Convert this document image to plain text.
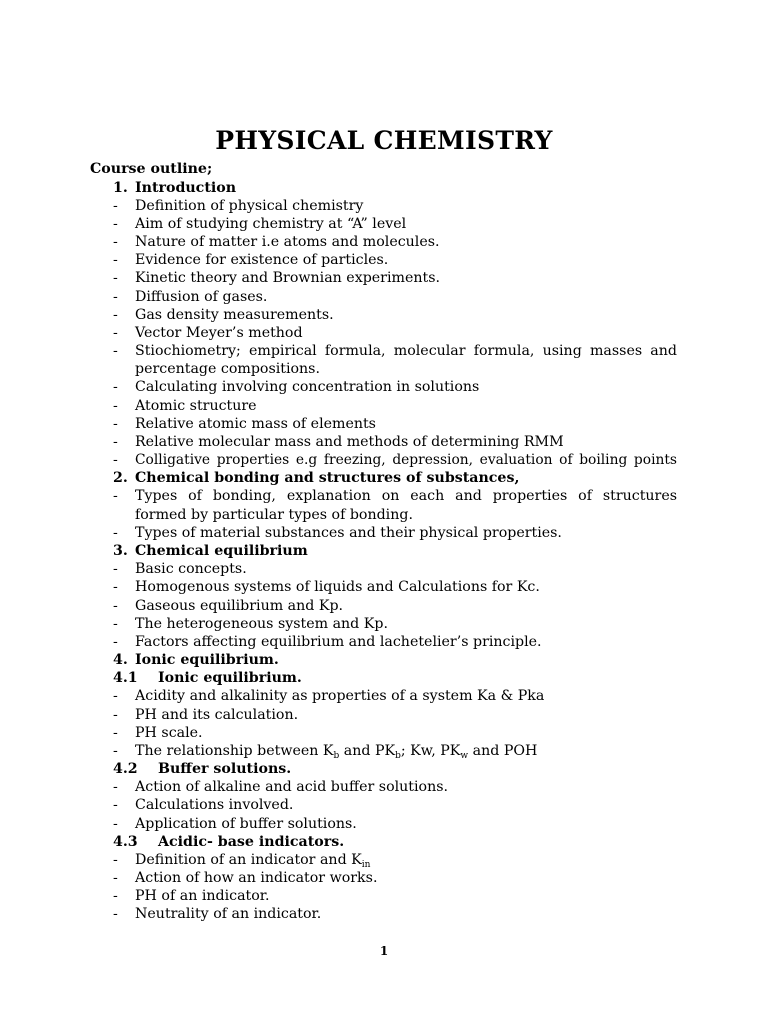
PHYSICAL CHEMISTRY
Course outline;
1. Introduction
- Definition of physical chemistry
- Aim of studying chemistry at “A” level
- Nature of matter i.e atoms and molecules.
- Evidence for existence of particles.
- Kinetic theory and Brownian experiments.
- Diffusion of gases.
- Gas density measurements.
- Vector Meyer’s method
- Stiochiometry; empirical formula, molecular formula, using masses and
percentage compositions.
- Calculating involving concentration in solutions
- Atomic structure
- Relative atomic mass of elements
- Relative molecular mass and methods of determining RMM
- Colligative properties e.g freezing, depression, evaluation of boiling points
2. Chemical bonding and structures of substances,
- Types of bonding, explanation on each and properties of structures
formed by particular types of bonding.
- Types of material substances and their physical properties.
3. Chemical equilibrium
- Basic concepts.
- Homogenous systems of liquids and Calculations for Kc.
- Gaseous equilibrium and Kp.
- The heterogeneous system and Kp.
- Factors affecting equilibrium and lachetelier’s principle.
4. Ionic equilibrium.
4.1 Ionic equilibrium.
- Acidity and alkalinity as properties of a system Ka & Pka
- PH and its calculation.
- PH scale.
- The relationship between $K_b$ and $PK_b$; Kw, $PK_w$ and POH
4.2 Buffer solutions.
- Action of alkaline and acid buffer solutions.
- Calculations involved.
- Application of buffer solutions.
4.3 Acidic- base indicators.
- Definition of an indicator and $K_{in}$
- Action of how an indicator works.
- PH of an indicator.
- Neutrality of an indicator.
1
